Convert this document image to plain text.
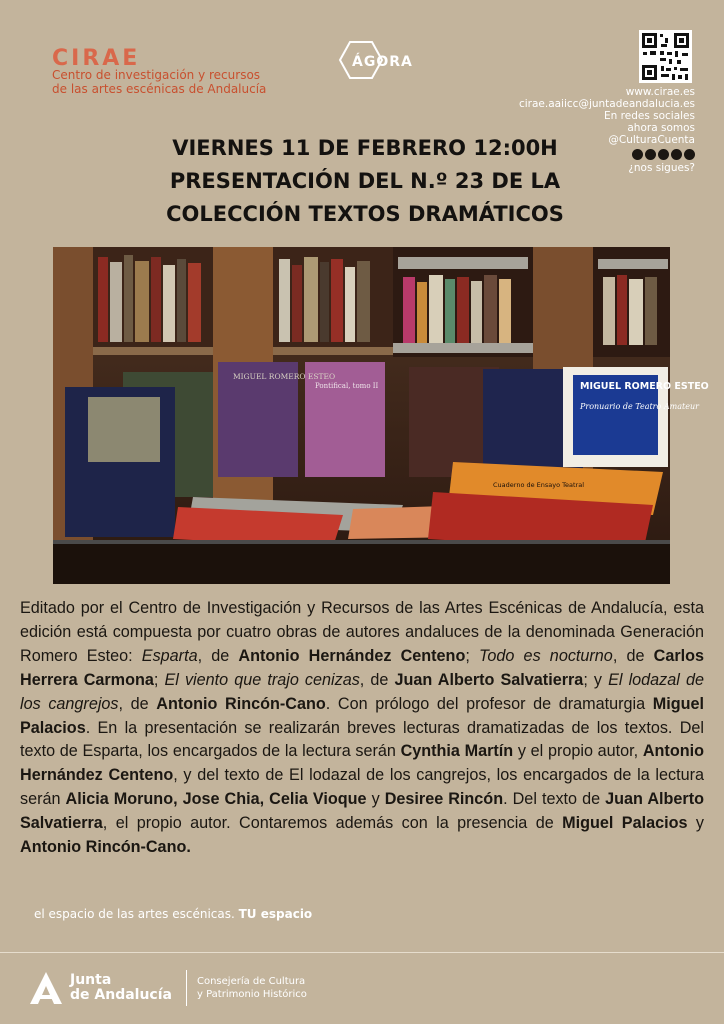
CIRAE
Centro de investigación y recursos
de las artes escénicas de Andalucía
ÁGORA
www.cirae.es
cirae.aaiicc@juntadeandalucia.es
En redes sociales
ahora somos
@CulturaCuenta
¿nos sigues?
VIERNES 11 DE FEBRERO 12:00H
PRESENTACIÓN DEL N.º 23 DE LA
COLECCIÓN TEXTOS DRAMÁTICOS
MIGUEL ROMERO ESTEO
Pronuario de Teatro Amateur
MIGUEL ROMERO ESTEO
Pontifical, tomo II
Cuaderno de Ensayo Teatral
Editado por el Centro de Investigación y Recursos de las Artes Escénicas de Andalucía, esta edición está compuesta por cuatro obras de autores andaluces de la denominada Generación Romero Esteo: Esparta, de Antonio Hernández Centeno; Todo es nocturno, de Carlos Herrera Carmona; El viento que trajo cenizas, de Juan Alberto Salvatierra; y El lodazal de los cangrejos, de Antonio Rincón-Cano. Con prólogo del profesor de dramaturgia Miguel Palacios. En la presentación se realizarán breves lecturas dramatizadas de los textos. Del texto de Esparta, los encargados de la lectura serán Cynthia Martín y el propio autor, Antonio Hernández Centeno, y del texto de El lodazal de los cangrejos, los encargados de la lectura serán Alicia Moruno, Jose Chia, Celia Vioque y Desiree Rincón. Del texto de Juan Alberto Salvatierra, el propio autor. Contaremos además con la presencia de Miguel Palacios y Antonio Rincón-Cano.
el espacio de las artes escénicas. TU espacio
Junta
de Andalucía
Consejería de Cultura
y Patrimonio Histórico
